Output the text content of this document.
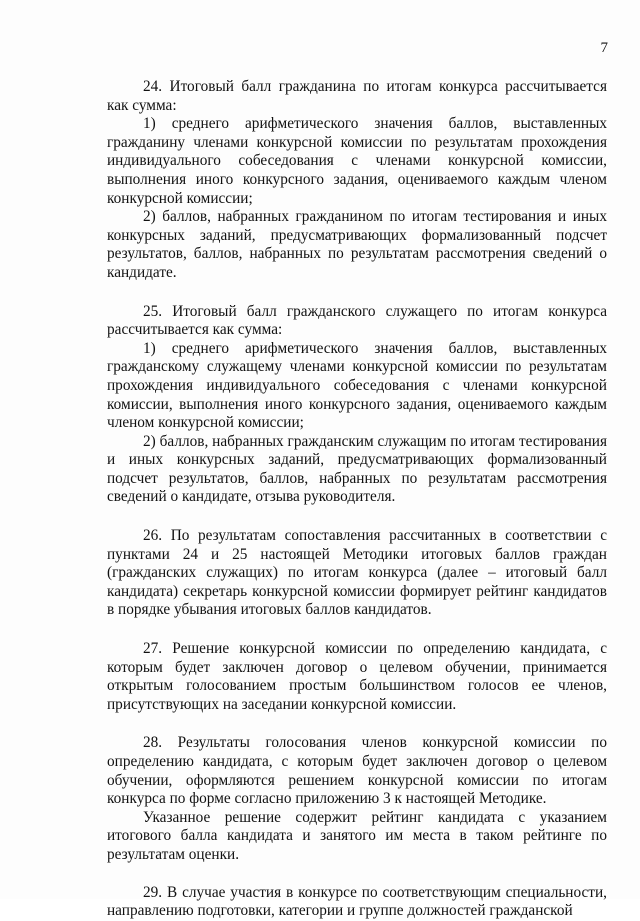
7

24. Итоговый балл гражданина по итогам конкурса рассчитывается как сумма:

1) среднего арифметического значения баллов, выставленных гражданину членами конкурсной комиссии по результатам прохождения индивидуального собеседования с членами конкурсной комиссии, выполнения иного конкурсного задания, оцениваемого каждым членом конкурсной комиссии;

2) баллов, набранных гражданином по итогам тестирования и иных конкурсных заданий, предусматривающих формализованный подсчет результатов, баллов, набранных по результатам рассмотрения сведений о кандидате.

25. Итоговый балл гражданского служащего по итогам конкурса рассчитывается как сумма:

1) среднего арифметического значения баллов, выставленных гражданскому служащему членами конкурсной комиссии по результатам прохождения индивидуального собеседования с членами конкурсной комиссии, выполнения иного конкурсного задания, оцениваемого каждым членом конкурсной комиссии;

2) баллов, набранных гражданским служащим по итогам тестирования и иных конкурсных заданий, предусматривающих формализованный подсчет результатов, баллов, набранных по результатам рассмотрения сведений о кандидате, отзыва руководителя.

26. По результатам сопоставления рассчитанных в соответствии с пунктами 24 и 25 настоящей Методики итоговых баллов граждан (гражданских служащих) по итогам конкурса (далее – итоговый балл кандидата) секретарь конкурсной комиссии формирует рейтинг кандидатов в порядке убывания итоговых баллов кандидатов.

27. Решение конкурсной комиссии по определению кандидата, с которым будет заключен договор о целевом обучении, принимается открытым голосованием простым большинством голосов ее членов, присутствующих на заседании конкурсной комиссии.

28. Результаты голосования членов конкурсной комиссии по определению кандидата, с которым будет заключен договор о целевом обучении, оформляются решением конкурсной комиссии по итогам конкурса по форме согласно приложению 3 к настоящей Методике.

Указанное решение содержит рейтинг кандидата с указанием итогового балла кандидата и занятого им места в таком рейтинге по результатам оценки.

29. В случае участия в конкурсе по соответствующим специальности, направлению подготовки, категории и группе должностей гражданской
